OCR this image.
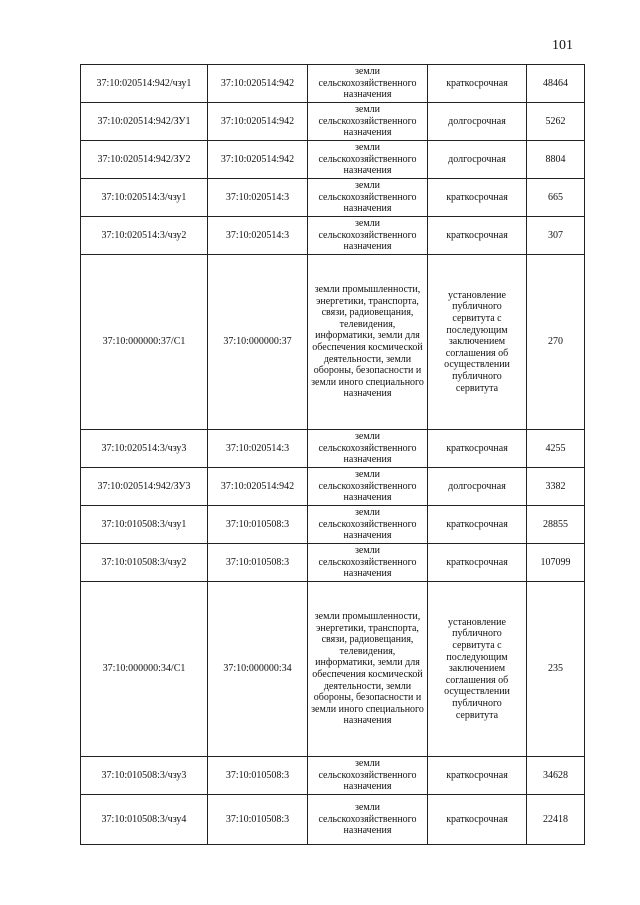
101
37:10:020514:942/чзу1	37:10:020514:942	земли сельскохозяйственного назначения	краткосрочная	48464
37:10:020514:942/ЗУ1	37:10:020514:942	земли сельскохозяйственного назначения	долгосрочная	5262
37:10:020514:942/ЗУ2	37:10:020514:942	земли сельскохозяйственного назначения	долгосрочная	8804
37:10:020514:3/чзу1	37:10:020514:3	земли сельскохозяйственного назначения	краткосрочная	665
37:10:020514:3/чзу2	37:10:020514:3	земли сельскохозяйственного назначения	краткосрочная	307
37:10:000000:37/С1	37:10:000000:37	земли промышленности, энергетики, транспорта, связи, радиовещания, телевидения, информатики, земли для обеспечения космической деятельности, земли обороны, безопасности и земли иного специального назначения	установление публичного сервитута с последующим заключением соглашения об осуществлении публичного сервитута	270
37:10:020514:3/чзу3	37:10:020514:3	земли сельскохозяйственного назначения	краткосрочная	4255
37:10:020514:942/ЗУ3	37:10:020514:942	земли сельскохозяйственного назначения	долгосрочная	3382
37:10:010508:3/чзу1	37:10:010508:3	земли сельскохозяйственного назначения	краткосрочная	28855
37:10:010508:3/чзу2	37:10:010508:3	земли сельскохозяйственного назначения	краткосрочная	107099
37:10:000000:34/С1	37:10:000000:34	земли промышленности, энергетики, транспорта, связи, радиовещания, телевидения, информатики, земли для обеспечения космической деятельности, земли обороны, безопасности и земли иного специального назначения	установление публичного сервитута с последующим заключением соглашения об осуществлении публичного сервитута	235
37:10:010508:3/чзу3	37:10:010508:3	земли сельскохозяйственного назначения	краткосрочная	34628
37:10:010508:3/чзу4	37:10:010508:3	земли сельскохозяйственного назначения	краткосрочная	22418
